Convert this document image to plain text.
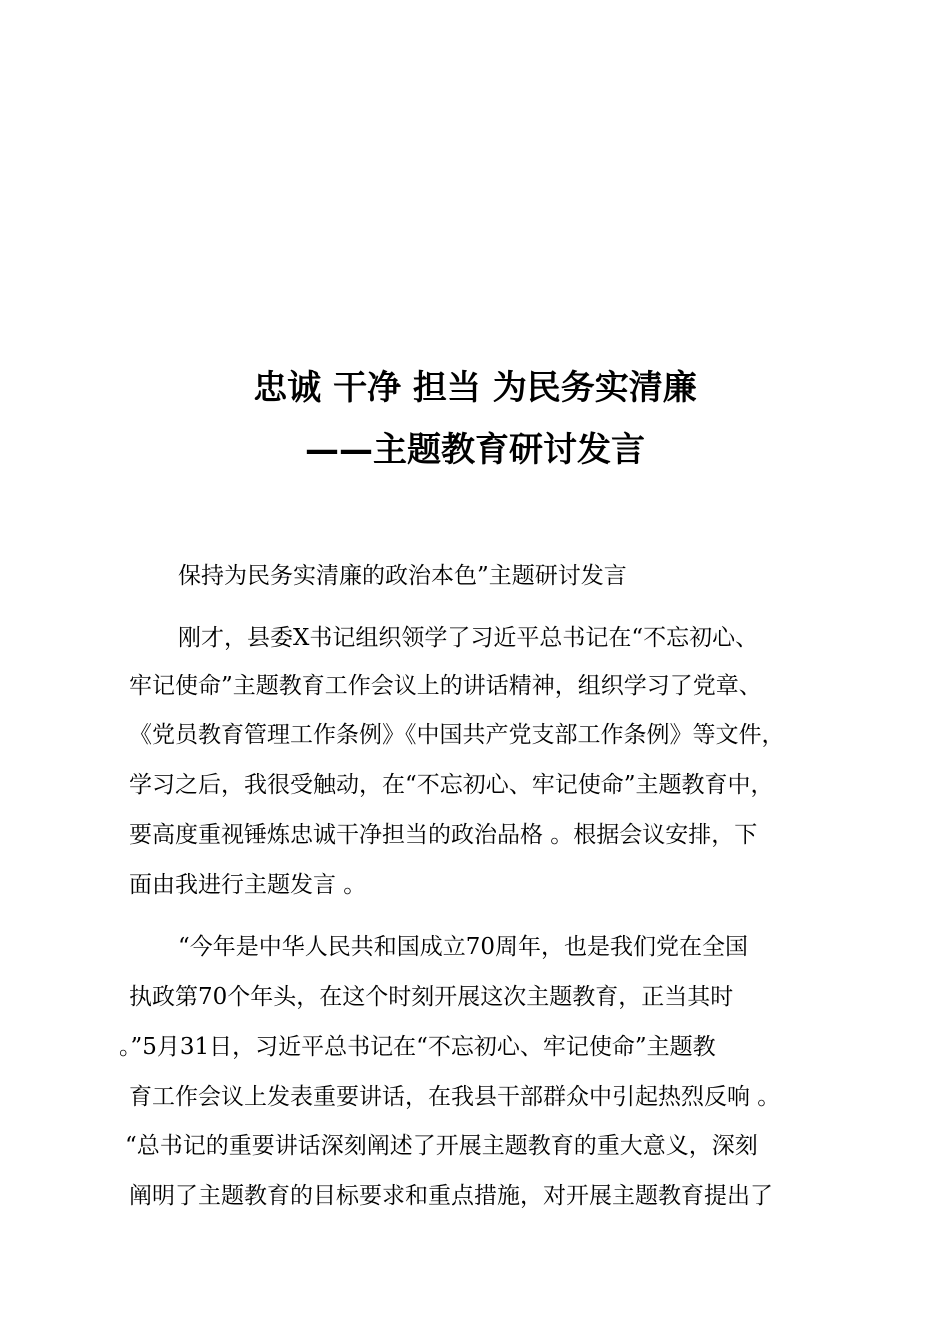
忠诚 干净 担当 为民务实清廉
——主题教育研讨发言
保持为民务实清廉的政治本色”主题研讨发言
刚才，县委X书记组织领学了习近平总书记在“不忘初心、
牢记使命”主题教育工作会议上的讲话精神，组织学习了党章、
《党员教育管理工作条例》《中国共产党支部工作条例》等文件，
学习之后，我很受触动，在“不忘初心、牢记使命”主题教育中，
要高度重视锤炼忠诚干净担当的政治品格 。根据会议安排，下
面由我进行主题发言 。
“今年是中华人民共和国成立70周年，也是我们党在全国
执政第70个年头，在这个时刻开展这次主题教育，正当其时
。”5月31日，习近平总书记在“不忘初心、牢记使命”主题教
育工作会议上发表重要讲话，在我县干部群众中引起热烈反响 。
“总书记的重要讲话深刻阐述了开展主题教育的重大意义，深刻
阐明了主题教育的目标要求和重点措施，对开展主题教育提出了
